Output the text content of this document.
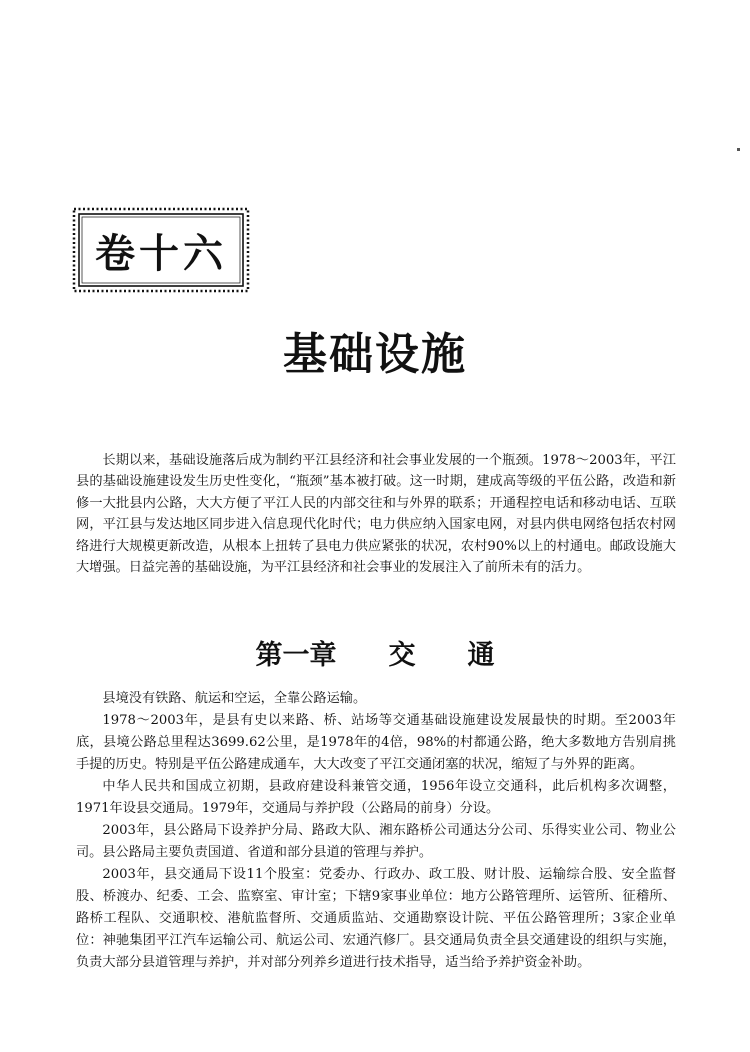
卷十六
基础设施

长期以来，基础设施落后成为制约平江县经济和社会事业发展的一个瓶颈。1978～2003年，平江县的基础设施建设发生历史性变化，“瓶颈”基本被打破。这一时期，建成高等级的平伍公路，改造和新修一大批县内公路，大大方便了平江人民的内部交往和与外界的联系；开通程控电话和移动电话、互联网，平江县与发达地区同步进入信息现代化时代；电力供应纳入国家电网，对县内供电网络包括农村网络进行大规模更新改造，从根本上扭转了县电力供应紧张的状况，农村90%以上的村通电。邮政设施大大增强。日益完善的基础设施，为平江县经济和社会事业的发展注入了前所未有的活力。

第一章 交 通

县境没有铁路、航运和空运，全靠公路运输。

1978～2003年，是县有史以来路、桥、站场等交通基础设施建设发展最快的时期。至2003年底，县境公路总里程达3699.62公里，是1978年的4倍，98%的村都通公路，绝大多数地方告别肩挑手提的历史。特别是平伍公路建成通车，大大改变了平江交通闭塞的状况，缩短了与外界的距离。

中华人民共和国成立初期，县政府建设科兼管交通，1956年设立交通科，此后机构多次调整，1971年设县交通局。1979年，交通局与养护段（公路局的前身）分设。

2003年，县公路局下设养护分局、路政大队、湘东路桥公司通达分公司、乐得实业公司、物业公司。县公路局主要负责国道、省道和部分县道的管理与养护。

2003年，县交通局下设11个股室：党委办、行政办、政工股、财计股、运输综合股、安全监督股、桥渡办、纪委、工会、监察室、审计室；下辖9家事业单位：地方公路管理所、运管所、征稽所、路桥工程队、交通职校、港航监督所、交通质监站、交通勘察设计院、平伍公路管理所；3家企业单位：神驰集团平江汽车运输公司、航运公司、宏通汽修厂。县交通局负责全县交通建设的组织与实施，负责大部分县道管理与养护，并对部分列养乡道进行技术指导，适当给予养护资金补助。
